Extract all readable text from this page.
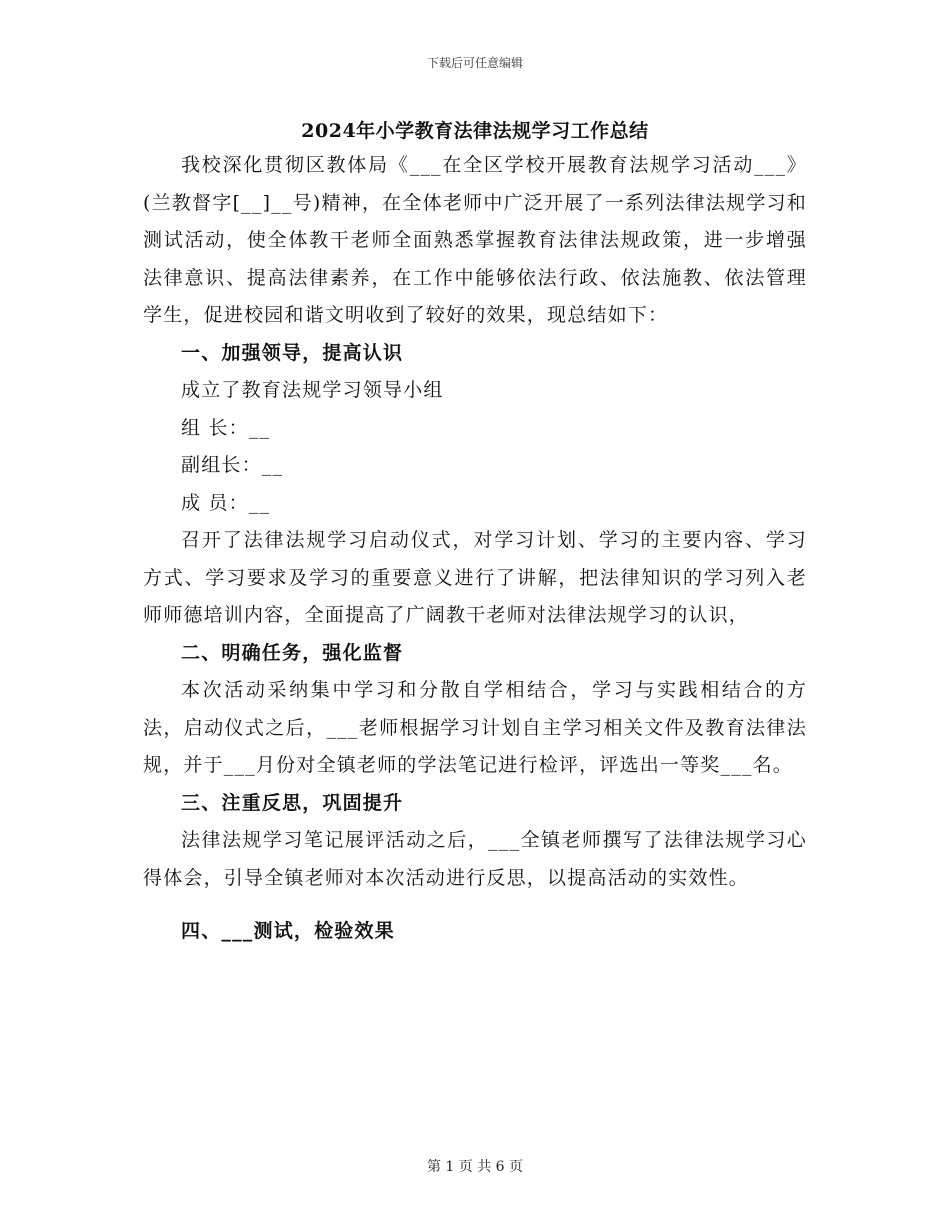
下载后可任意编辑
2024年小学教育法律法规学习工作总结

我校深化贯彻区教体局《___在全区学校开展教育法规学习活动___》(兰教督字[__]__号)精神，在全体老师中广泛开展了一系列法律法规学习和测试活动，使全体教干老师全面熟悉掌握教育法律法规政策，进一步增强法律意识、提高法律素养，在工作中能够依法行政、依法施教、依法管理学生，促进校园和谐文明收到了较好的效果，现总结如下：

一、加强领导，提高认识

成立了教育法规学习领导小组

组 长：__

副组长：__

成 员：__

召开了法律法规学习启动仪式，对学习计划、学习的主要内容、学习方式、学习要求及学习的重要意义进行了讲解，把法律知识的学习列入老师师德培训内容，全面提高了广阔教干老师对法律法规学习的认识，

二、明确任务，强化监督

本次活动采纳集中学习和分散自学相结合，学习与实践相结合的方法，启动仪式之后，___老师根据学习计划自主学习相关文件及教育法律法规，并于___月份对全镇老师的学法笔记进行检评，评选出一等奖___名。

三、注重反思，巩固提升

法律法规学习笔记展评活动之后，___全镇老师撰写了法律法规学习心得体会，引导全镇老师对本次活动进行反思，以提高活动的实效性。

四、___测试，检验效果

第 1 页 共 6 页
